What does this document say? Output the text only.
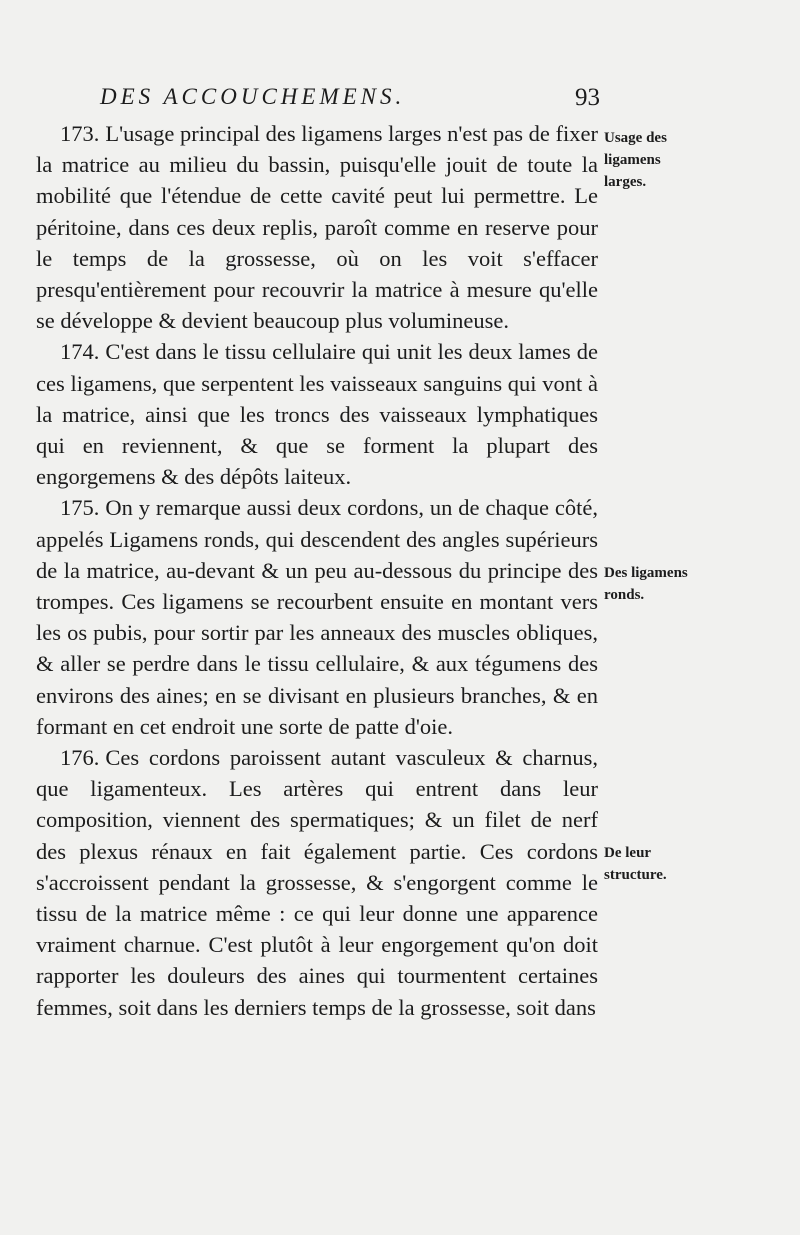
DES ACCOUCHEMENS.	93

173. L'usage principal des ligamens larges n'est pas de fixer la matrice au milieu du bassin, puisqu'elle jouit de toute la mobilité que l'étendue de cette cavité peut lui permettre. Le péritoine, dans ces deux replis, paroît comme en reserve pour le temps de la grossesse, où on les voit s'effacer presqu'entièrement pour recouvrir la matrice à mesure qu'elle se développe & devient beaucoup plus volumineuse.

174. C'est dans le tissu cellulaire qui unit les deux lames de ces ligamens, que serpentent les vaisseaux sanguins qui vont à la matrice, ainsi que les troncs des vaisseaux lymphatiques qui en reviennent, & que se forment la plupart des engorgemens & des dépôts laiteux.

175. On y remarque aussi deux cordons, un de chaque côté, appelés Ligamens ronds, qui descendent des angles supérieurs de la matrice, au-devant & un peu au-dessous du principe des trompes. Ces ligamens se recourbent ensuite en montant vers les os pubis, pour sortir par les anneaux des muscles obliques, & aller se perdre dans le tissu cellulaire, & aux tégumens des environs des aines; en se divisant en plusieurs branches, & en formant en cet endroit une sorte de patte d'oie.

176. Ces cordons paroissent autant vasculeux & charnus, que ligamenteux. Les artères qui entrent dans leur composition, viennent des spermatiques; & un filet de nerf des plexus rénaux en fait également partie. Ces cordons s'accroissent pendant la grossesse, & s'engorgent comme le tissu de la matrice même : ce qui leur donne une apparence vraiment charnue. C'est plutôt à leur engorgement qu'on doit rapporter les douleurs des aines qui tourmentent certaines femmes, soit dans les derniers temps de la grossesse, soit dans

Usage des ligamens larges.
Des ligamens ronds.
De leur structure.
